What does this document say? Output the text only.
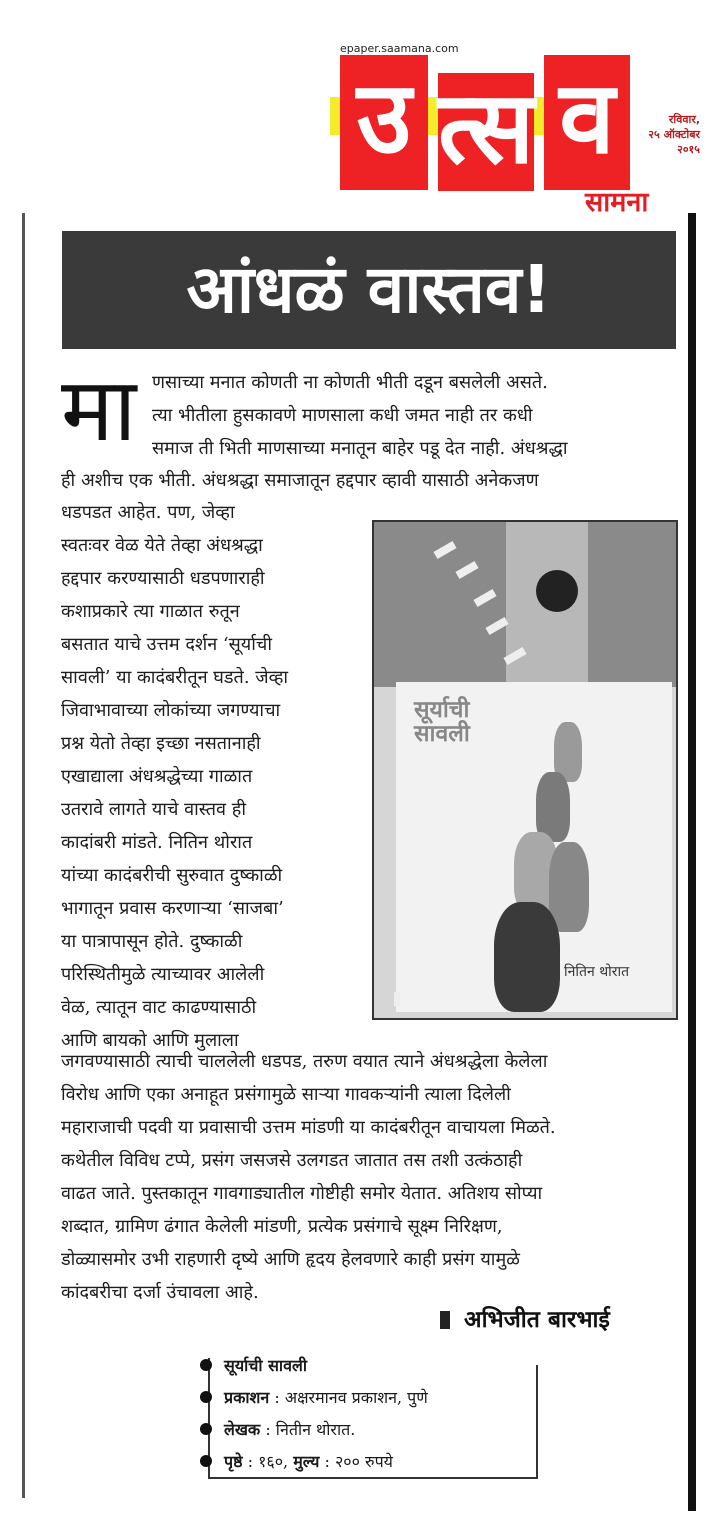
epaper.saamana.com
उ त्स व	रविवार,
२५ ऑक्टोबर
२०१५
सामना
आंधळं वास्तव!
मा णसाच्या मनात कोणती ना कोणती भीती दडून बसलेली असते.
त्या भीतीला हुसकावणे माणसाला कधी जमत नाही तर कधी
समाज ती भिती माणसाच्या मनातून बाहेर पडू देत नाही. अंधश्रद्धा
ही अशीच एक भीती. अंधश्रद्धा समाजातून हद्दपार व्हावी यासाठी अनेकजण
धडपडत आहेत. पण, जेव्हा
स्वतःवर वेळ येते तेव्हा अंधश्रद्धा
हद्दपार करण्यासाठी धडपणाराही
कशाप्रकारे त्या गाळात रुतून
बसतात याचे उत्तम दर्शन ‘सूर्याची
सावली’ या कादंबरीतून घडते. जेव्हा
जिवाभावाच्या लोकांच्या जगण्याचा
प्रश्न येतो तेव्हा इच्छा नसतानाही
एखाद्याला अंधश्रद्धेच्या गाळात
उतरावे लागते याचे वास्तव ही
कादांबरी मांडते. नितिन थोरात
यांच्या कादंबरीची सुरुवात दुष्काळी
भागातून प्रवास करणाऱ्या ‘साजबा’
या पात्रापासून होते. दुष्काळी
परिस्थितीमुळे त्याच्यावर आलेली
वेळ, त्यातून वाट काढण्यासाठी
आणि बायको आणि मुलाला
सूर्याची
सावली
नितिन थोरात
जगवण्यासाठी त्याची चाललेली धडपड, तरुण वयात त्याने अंधश्रद्धेला केलेला
विरोध आणि एका अनाहूत प्रसंगामुळे साऱ्या गावकऱ्यांनी त्याला दिलेली
महाराजाची पदवी या प्रवासाची उत्तम मांडणी या कादंबरीतून वाचायला मिळते.
कथेतील विविध टप्पे, प्रसंग जसजसे उलगडत जातात तस तशी उत्कंठाही
वाढत जाते. पुस्तकातून गावगाड्यातील गोष्टीही समोर येतात. अतिशय सोप्या
शब्दात, ग्रामिण ढंगात केलेली मांडणी, प्रत्येक प्रसंगाचे सूक्ष्म निरिक्षण,
डोळ्यासमोर उभी राहणारी दृष्ये आणि हृदय हेलवणारे काही प्रसंग यामुळे
कांदबरीचा दर्जा उंचावला आहे.
अभिजीत बारभाई
सूर्याची सावली
प्रकाशन : अक्षरमानव प्रकाशन, पुणे
लेखक : नितीन थोरात.
पृष्ठे : १६०, मुल्य : २०० रुपये
